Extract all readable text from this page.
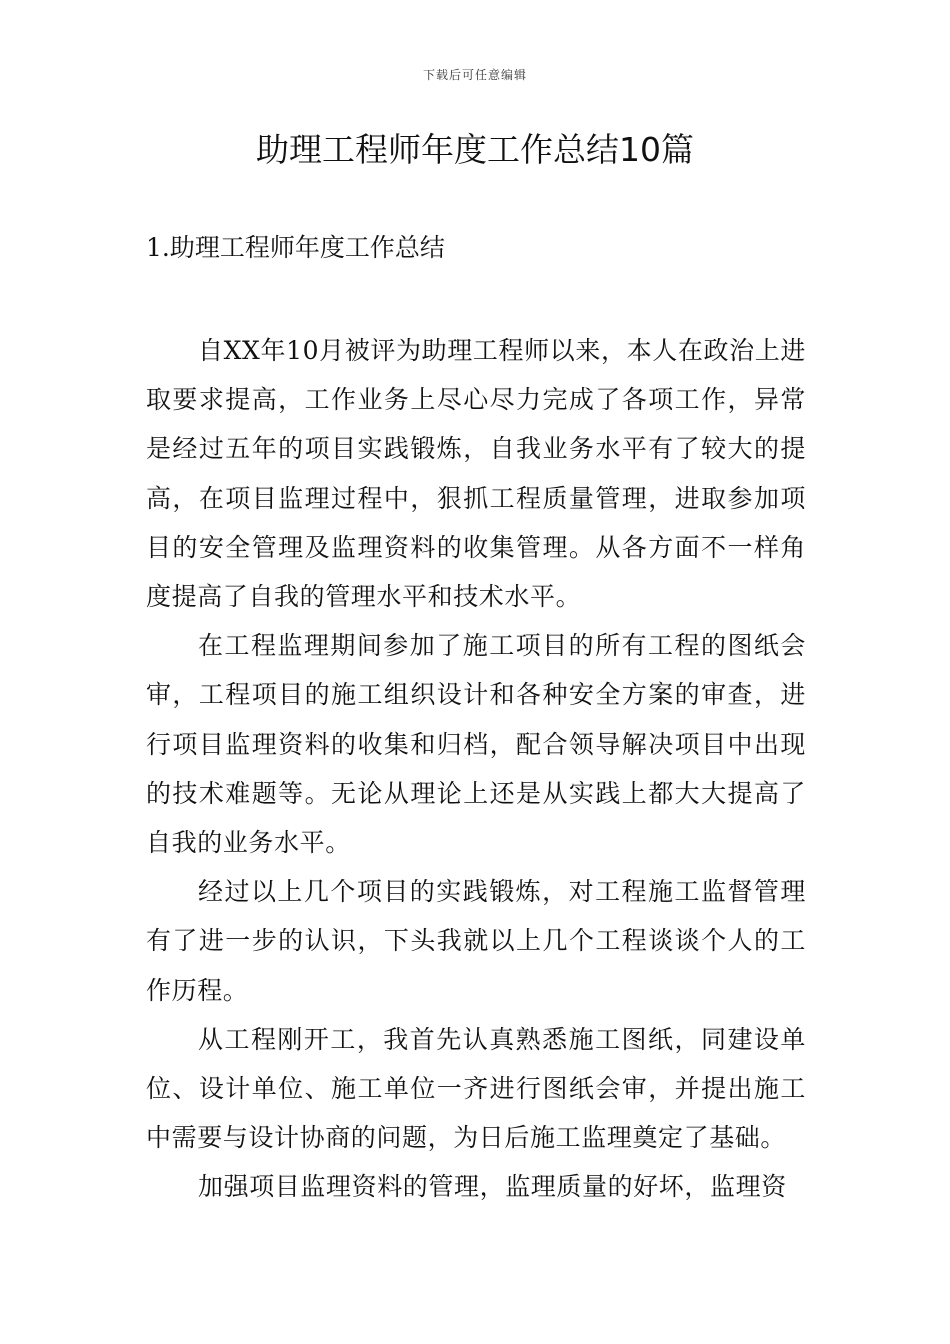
下载后可任意编辑
助理工程师年度工作总结10篇
1.助理工程师年度工作总结

自XX年10月被评为助理工程师以来，本人在政治上进取要求提高，工作业务上尽心尽力完成了各项工作，异常是经过五年的项目实践锻炼，自我业务水平有了较大的提高，在项目监理过程中，狠抓工程质量管理，进取参加项目的安全管理及监理资料的收集管理。从各方面不一样角度提高了自我的管理水平和技术水平。

在工程监理期间参加了施工项目的所有工程的图纸会审，工程项目的施工组织设计和各种安全方案的审查，进行项目监理资料的收集和归档，配合领导解决项目中出现的技术难题等。无论从理论上还是从实践上都大大提高了自我的业务水平。

经过以上几个项目的实践锻炼，对工程施工监督管理有了进一步的认识，下头我就以上几个工程谈谈个人的工作历程。

从工程刚开工，我首先认真熟悉施工图纸，同建设单位、设计单位、施工单位一齐进行图纸会审，并提出施工中需要与设计协商的问题，为日后施工监理奠定了基础。

加强项目监理资料的管理，监理质量的好坏，监理资
